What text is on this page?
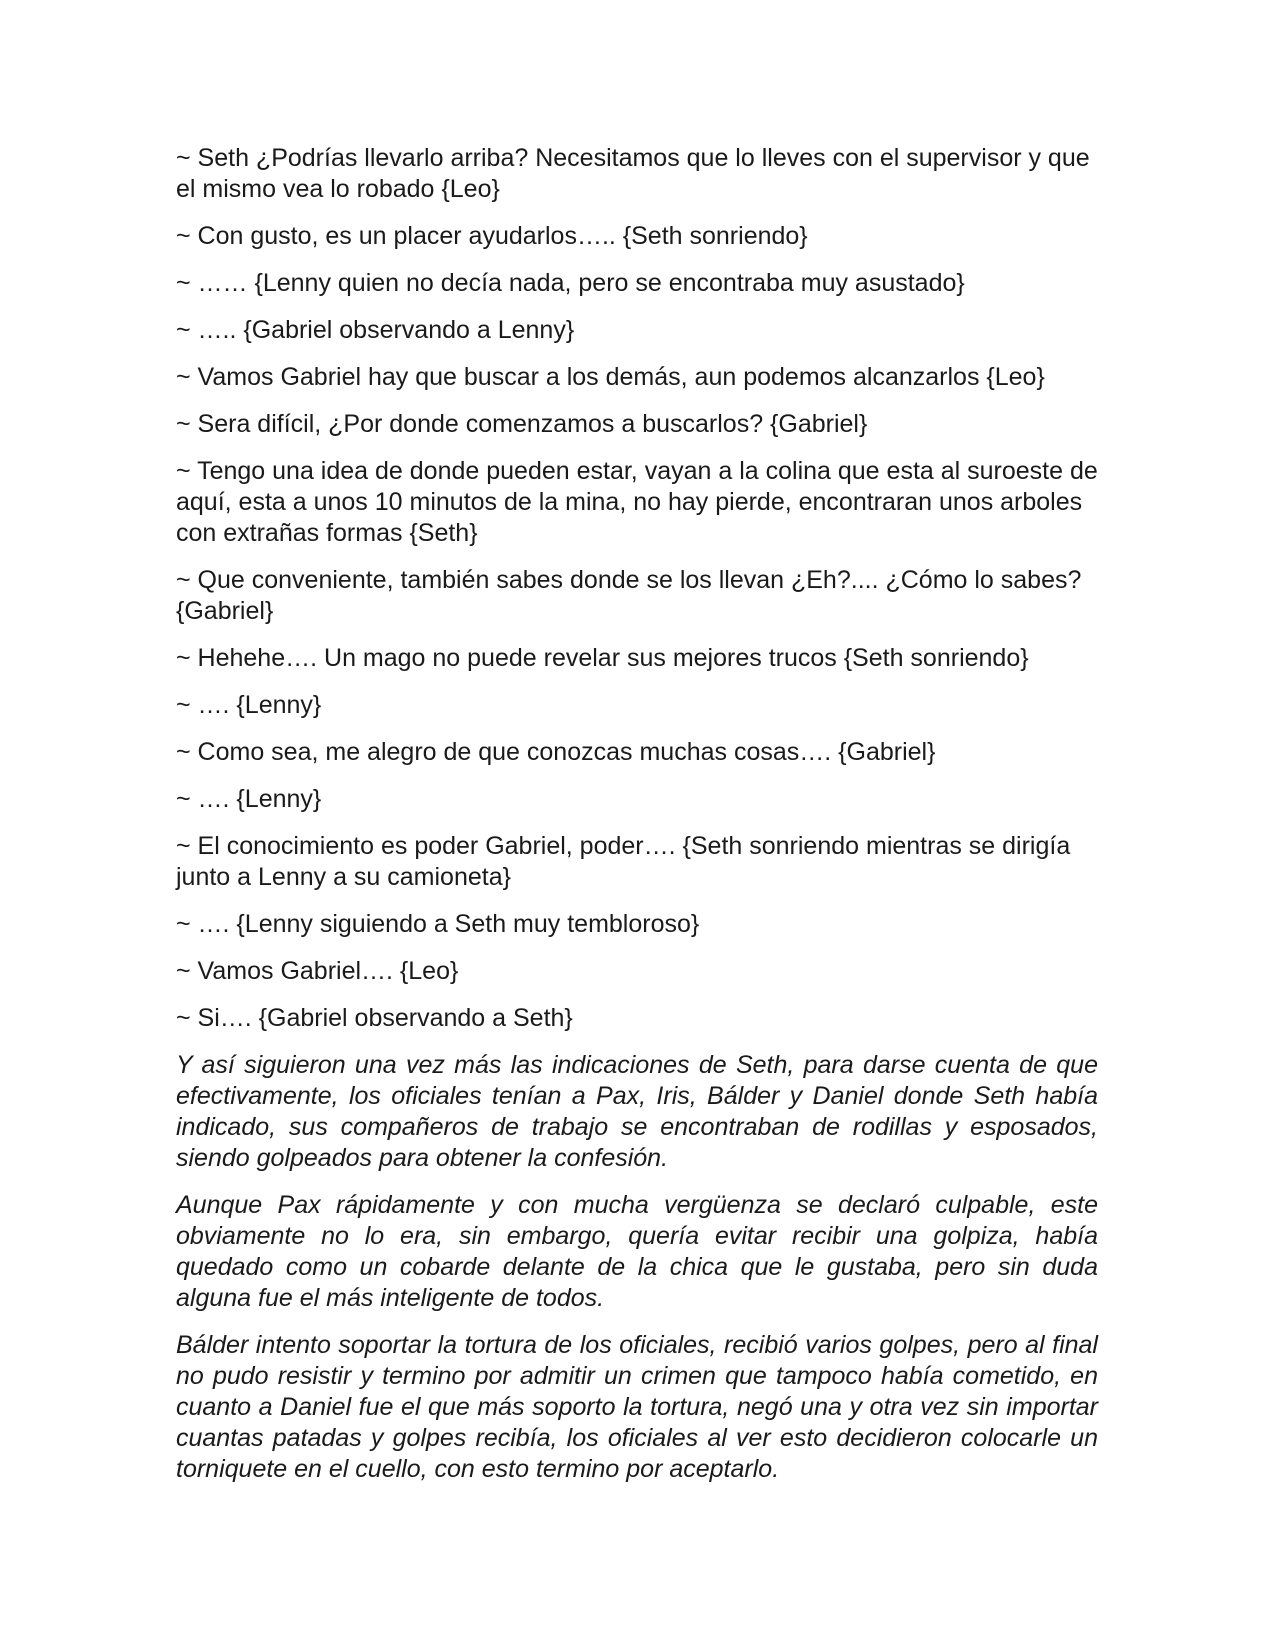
~ Seth ¿Podrías llevarlo arriba? Necesitamos que lo lleves con el supervisor y que el mismo vea lo robado {Leo}

~ Con gusto, es un placer ayudarlos….. {Seth sonriendo}

~ …… {Lenny quien no decía nada, pero se encontraba muy asustado}

~ ….. {Gabriel observando a Lenny}

~ Vamos Gabriel hay que buscar a los demás, aun podemos alcanzarlos {Leo}

~ Sera difícil, ¿Por donde comenzamos a buscarlos? {Gabriel}

~ Tengo una idea de donde pueden estar, vayan a la colina que esta al suroeste de aquí, esta a unos 10 minutos de la mina, no hay pierde, encontraran unos arboles con extrañas formas {Seth}

~ Que conveniente, también sabes donde se los llevan ¿Eh?.... ¿Cómo lo sabes? {Gabriel}

~ Hehehe…. Un mago no puede revelar sus mejores trucos {Seth sonriendo}

~ …. {Lenny}

~ Como sea, me alegro de que conozcas muchas cosas…. {Gabriel}

~ …. {Lenny}

~ El conocimiento es poder Gabriel, poder…. {Seth sonriendo mientras se dirigía junto a Lenny a su camioneta}

~ …. {Lenny siguiendo a Seth muy tembloroso}

~ Vamos Gabriel…. {Leo}

~ Si…. {Gabriel observando a Seth}

Y así siguieron una vez más las indicaciones de Seth, para darse cuenta de que efectivamente, los oficiales tenían a Pax, Iris, Bálder y Daniel donde Seth había indicado, sus compañeros de trabajo se encontraban de rodillas y esposados, siendo golpeados para obtener la confesión.

Aunque Pax rápidamente y con mucha vergüenza se declaró culpable, este obviamente no lo era, sin embargo, quería evitar recibir una golpiza, había quedado como un cobarde delante de la chica que le gustaba, pero sin duda alguna fue el más inteligente de todos.

Bálder intento soportar la tortura de los oficiales, recibió varios golpes, pero al final no pudo resistir y termino por admitir un crimen que tampoco había cometido, en cuanto a Daniel fue el que más soporto la tortura, negó una y otra vez sin importar cuantas patadas y golpes recibía, los oficiales al ver esto decidieron colocarle un torniquete en el cuello, con esto termino por aceptarlo.
